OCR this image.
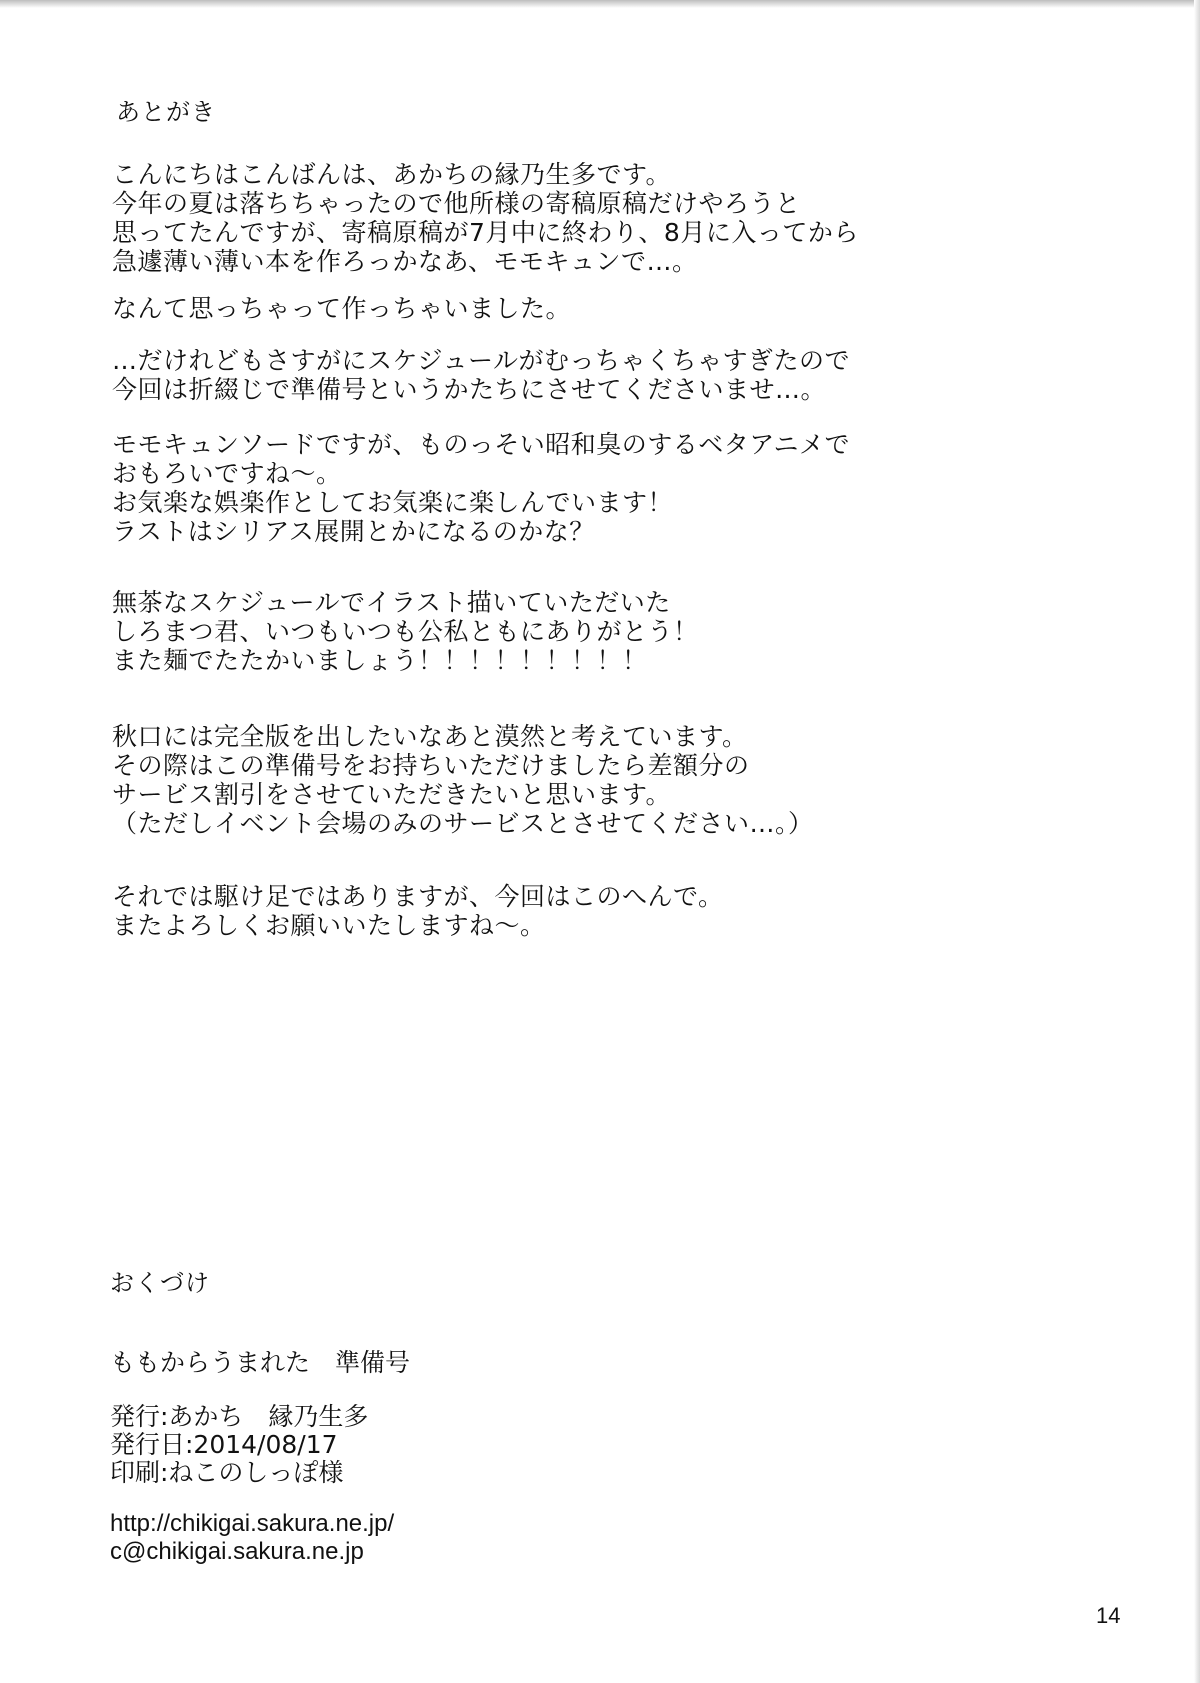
あとがき
こんにちはこんばんは、あかちの縁乃生多です。
今年の夏は落ちちゃったので他所様の寄稿原稿だけやろうと
思ってたんですが、寄稿原稿が7月中に終わり、8月に入ってから
急遽薄い薄い本を作ろっかなあ、モモキュンで…。
なんて思っちゃって作っちゃいました。
…だけれどもさすがにスケジュールがむっちゃくちゃすぎたので
今回は折綴じで準備号というかたちにさせてくださいませ…。
モモキュンソードですが、ものっそい昭和臭のするベタアニメで
おもろいですね～。
お気楽な娯楽作としてお気楽に楽しんでいます！
ラストはシリアス展開とかになるのかな？
無茶なスケジュールでイラスト描いていただいた
しろまつ君、いつもいつも公私ともにありがとう！
また麺でたたかいましょう！！！！！！！！！
秋口には完全版を出したいなあと漠然と考えています。
その際はこの準備号をお持ちいただけましたら差額分の
サービス割引をさせていただきたいと思います。
（ただしイベント会場のみのサービスとさせてください…。）
それでは駆け足ではありますが、今回はこのへんで。
またよろしくお願いいたしますね～。
おくづけ
ももからうまれた　準備号
発行:あかち　縁乃生多
発行日:2014/08/17
印刷:ねこのしっぽ様
http://chikigai.sakura.ne.jp/
c@chikigai.sakura.ne.jp
14
